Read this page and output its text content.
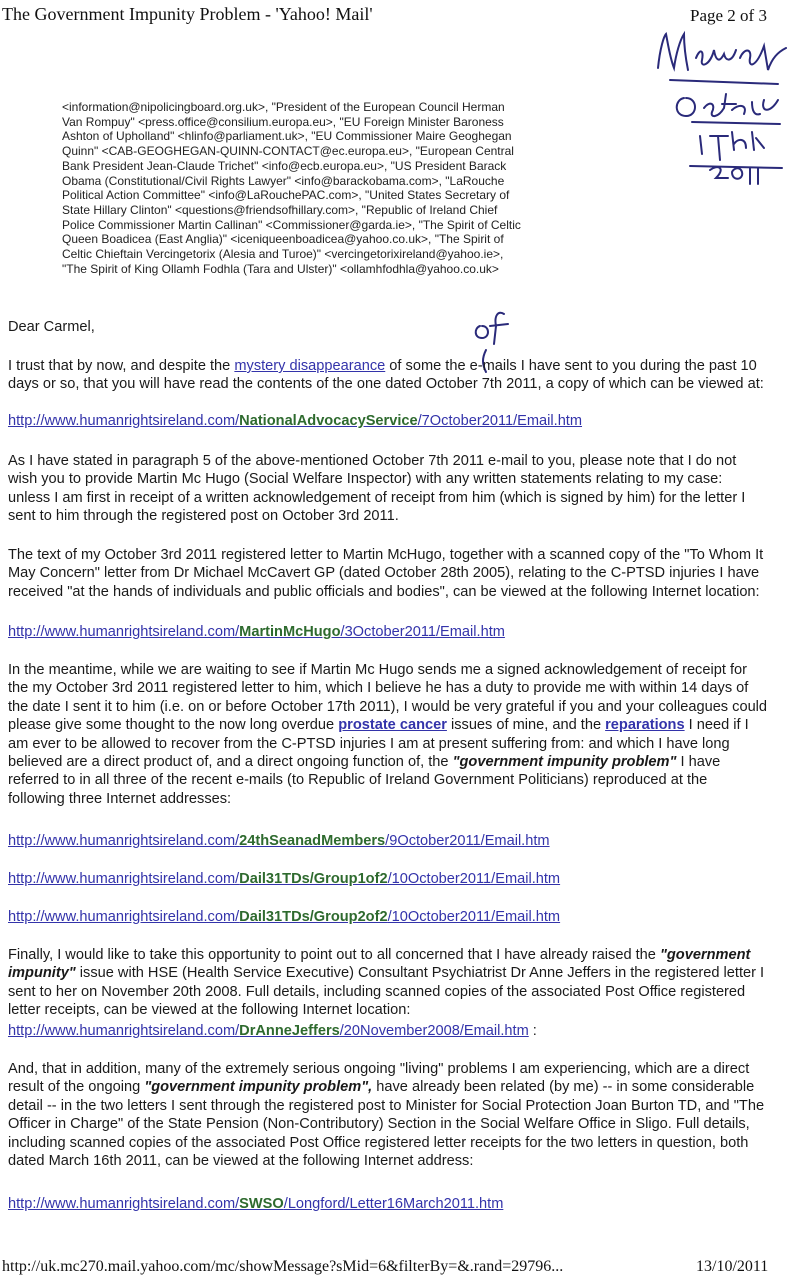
The Government Impunity Problem - 'Yahoo! Mail'	Page 2 of 3
<information@nipolicingboard.org.uk>, "President of the European Council Herman
Van Rompuy" <press.office@consilium.europa.eu>, "EU Foreign Minister Baroness
Ashton of Upholland" <hlinfo@parliament.uk>, "EU Commissioner Maire Geoghegan
Quinn" <CAB-GEOGHEGAN-QUINN-CONTACT@ec.europa.eu>, "European Central
Bank President Jean-Claude Trichet" <info@ecb.europa.eu>, "US President Barack
Obama (Constitutional/Civil Rights Lawyer" <info@barackobama.com>, "LaRouche
Political Action Committee" <info@LaRouchePAC.com>, "United States Secretary of
State Hillary Clinton" <questions@friendsofhillary.com>, "Republic of Ireland Chief
Police Commissioner Martin Callinan" <Commissioner@garda.ie>, "The Spirit of Celtic
Queen Boadicea (East Anglia)" <iceniqueenboadicea@yahoo.co.uk>, "The Spirit of
Celtic Chieftain Vercingetorix (Alesia and Turoe)" <vercingetorixireland@yahoo.ie>,
"The Spirit of King Ollamh Fodhla (Tara and Ulster)" <ollamhfodhla@yahoo.co.uk>

Dear Carmel,

I trust that by now, and despite the mystery disappearance of some the e-mails I have sent to you during the past 10 days or so, that you will have read the contents of the one dated October 7th 2011, a copy of which can be viewed at:

http://www.humanrightsireland.com/NationalAdvocacyService/7October2011/Email.htm

As I have stated in paragraph 5 of the above-mentioned October 7th 2011 e-mail to you, please note that I do not wish you to provide Martin Mc Hugo (Social Welfare Inspector) with any written statements relating to my case: unless I am first in receipt of a written acknowledgement of receipt from him (which is signed by him) for the letter I sent to him through the registered post on October 3rd 2011.

The text of my October 3rd 2011 registered letter to Martin McHugo, together with a scanned copy of the "To Whom It May Concern" letter from Dr Michael McCavert GP (dated October 28th 2005), relating to the C-PTSD injuries I have received "at the hands of individuals and public officials and bodies", can be viewed at the following Internet location:

http://www.humanrightsireland.com/MartinMcHugo/3October2011/Email.htm

In the meantime, while we are waiting to see if Martin Mc Hugo sends me a signed acknowledgement of receipt for the my October 3rd 2011 registered letter to him, which I believe he has a duty to provide me with within 14 days of the date I sent it to him (i.e. on or before October 17th 2011), I would be very grateful if you and your colleagues could please give some thought to the now long overdue prostate cancer issues of mine, and the reparations I need if I am ever to be allowed to recover from the C-PTSD injuries I am at present suffering from: and which I have long believed are a direct product of, and a direct ongoing function of, the "government impunity problem" I have referred to in all three of the recent e-mails (to Republic of Ireland Government Politicians) reproduced at the following three Internet addresses:

http://www.humanrightsireland.com/24thSeanadMembers/9October2011/Email.htm

http://www.humanrightsireland.com/Dail31TDs/Group1of2/10October2011/Email.htm

http://www.humanrightsireland.com/Dail31TDs/Group2of2/10October2011/Email.htm

Finally, I would like to take this opportunity to point out to all concerned that I have already raised the "government impunity" issue with HSE (Health Service Executive) Consultant Psychiatrist Dr Anne Jeffers in the registered letter I sent to her on November 20th 2008. Full details, including scanned copies of the associated Post Office registered letter receipts, can be viewed at the following Internet location:

http://www.humanrightsireland.com/DrAnneJeffers/20November2008/Email.htm :

And, that in addition, many of the extremely serious ongoing "living" problems I am experiencing, which are a direct result of the ongoing "government impunity problem", have already been related (by me) -- in some considerable detail -- in the two letters I sent through the registered post to Minister for Social Protection Joan Burton TD, and "The Officer in Charge" of the State Pension (Non-Contributory) Section in the Social Welfare Office in Sligo. Full details, including scanned copies of the associated Post Office registered letter receipts for the two letters in question, both dated March 16th 2011, can be viewed at the following Internet address:

http://www.humanrightsireland.com/SWSO/Longford/Letter16March2011.htm

http://uk.mc270.mail.yahoo.com/mc/showMessage?sMid=6&filterBy=&.rand=29796...	13/10/2011
